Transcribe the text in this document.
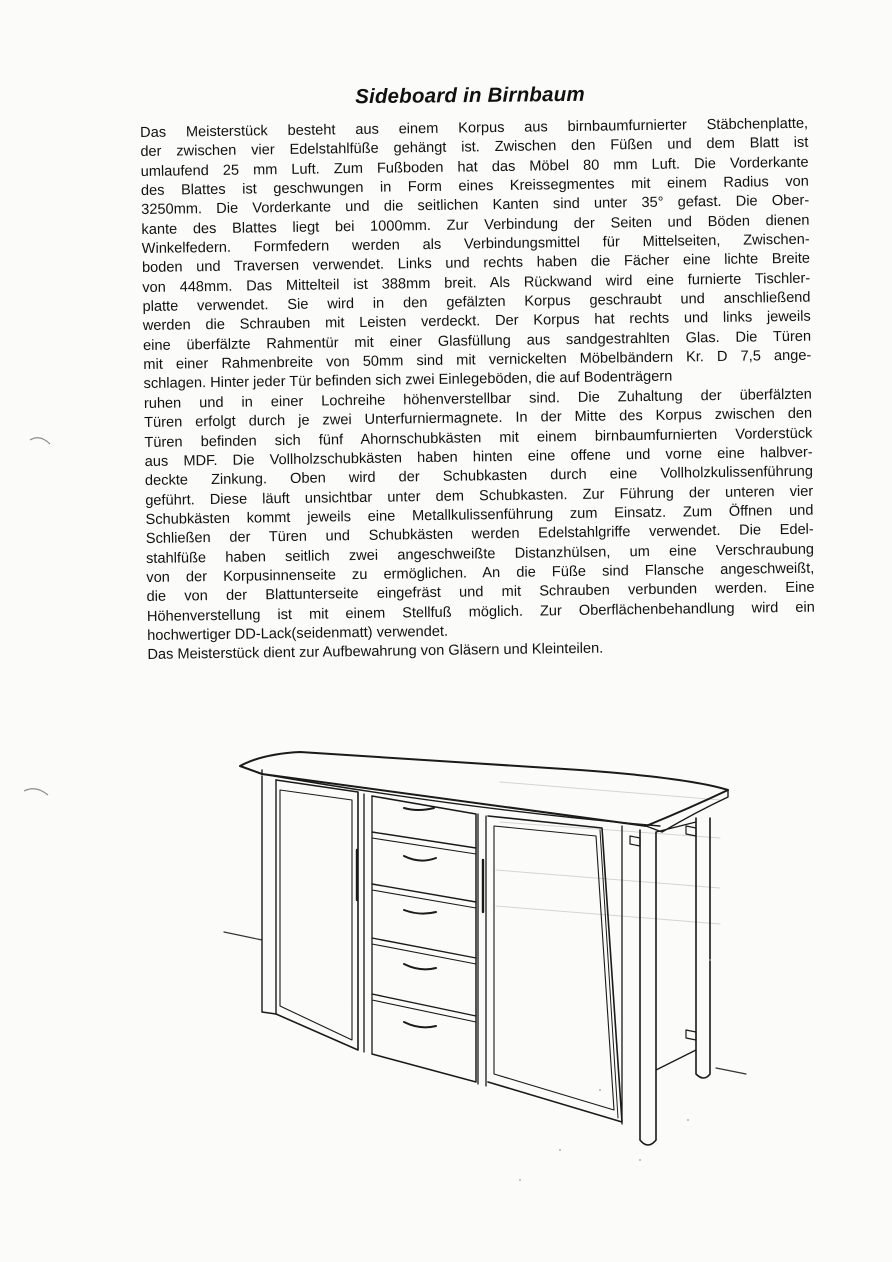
Sideboard in Birnbaum
Das Meisterstück besteht aus einem Korpus aus birnbaumfurnierter Stäbchenplatte,
der zwischen vier Edelstahlfüße gehängt ist. Zwischen den Füßen und dem Blatt ist
umlaufend 25 mm Luft. Zum Fußboden hat das Möbel 80 mm Luft. Die Vorderkante
des Blattes ist geschwungen in Form eines Kreissegmentes mit einem Radius von
3250mm. Die Vorderkante und die seitlichen Kanten sind unter 35° gefast. Die Ober-
kante des Blattes liegt bei 1000mm. Zur Verbindung der Seiten und Böden dienen
Winkelfedern. Formfedern werden als Verbindungsmittel für Mittelseiten, Zwischen-
boden und Traversen verwendet. Links und rechts haben die Fächer eine lichte Breite
von 448mm. Das Mittelteil ist 388mm breit. Als Rückwand wird eine furnierte Tischler-
platte verwendet. Sie wird in den gefälzten Korpus geschraubt und anschließend
werden die Schrauben mit Leisten verdeckt. Der Korpus hat rechts und links jeweils
eine überfälzte Rahmentür mit einer Glasfüllung aus sandgestrahlten Glas. Die Türen
mit einer Rahmenbreite von 50mm sind mit vernickelten Möbelbändern Kr. D 7,5 ange-
schlagen. Hinter jeder Tür befinden sich zwei Einlegeböden, die auf Bodenträgern
ruhen und in einer Lochreihe höhenverstellbar sind. Die Zuhaltung der überfälzten
Türen erfolgt durch je zwei Unterfurniermagnete. In der Mitte des Korpus zwischen den
Türen befinden sich fünf Ahornschubkästen mit einem birnbaumfurnierten Vorderstück
aus MDF. Die Vollholzschubkästen haben hinten eine offene und vorne eine halbver-
deckte Zinkung. Oben wird der Schubkasten durch eine Vollholzkulissenführung
geführt. Diese läuft unsichtbar unter dem Schubkasten. Zur Führung der unteren vier
Schubkästen kommt jeweils eine Metallkulissenführung zum Einsatz. Zum Öffnen und
Schließen der Türen und Schubkästen werden Edelstahlgriffe verwendet. Die Edel-
stahlfüße haben seitlich zwei angeschweißte Distanzhülsen, um eine Verschraubung
von der Korpusinnenseite zu ermöglichen. An die Füße sind Flansche angeschweißt,
die von der Blattunterseite eingefräst und mit Schrauben verbunden werden. Eine
Höhenverstellung ist mit einem Stellfuß möglich. Zur Oberflächenbehandlung wird ein
hochwertiger DD-Lack(seidenmatt) verwendet.
Das Meisterstück dient zur Aufbewahrung von Gläsern und Kleinteilen.
